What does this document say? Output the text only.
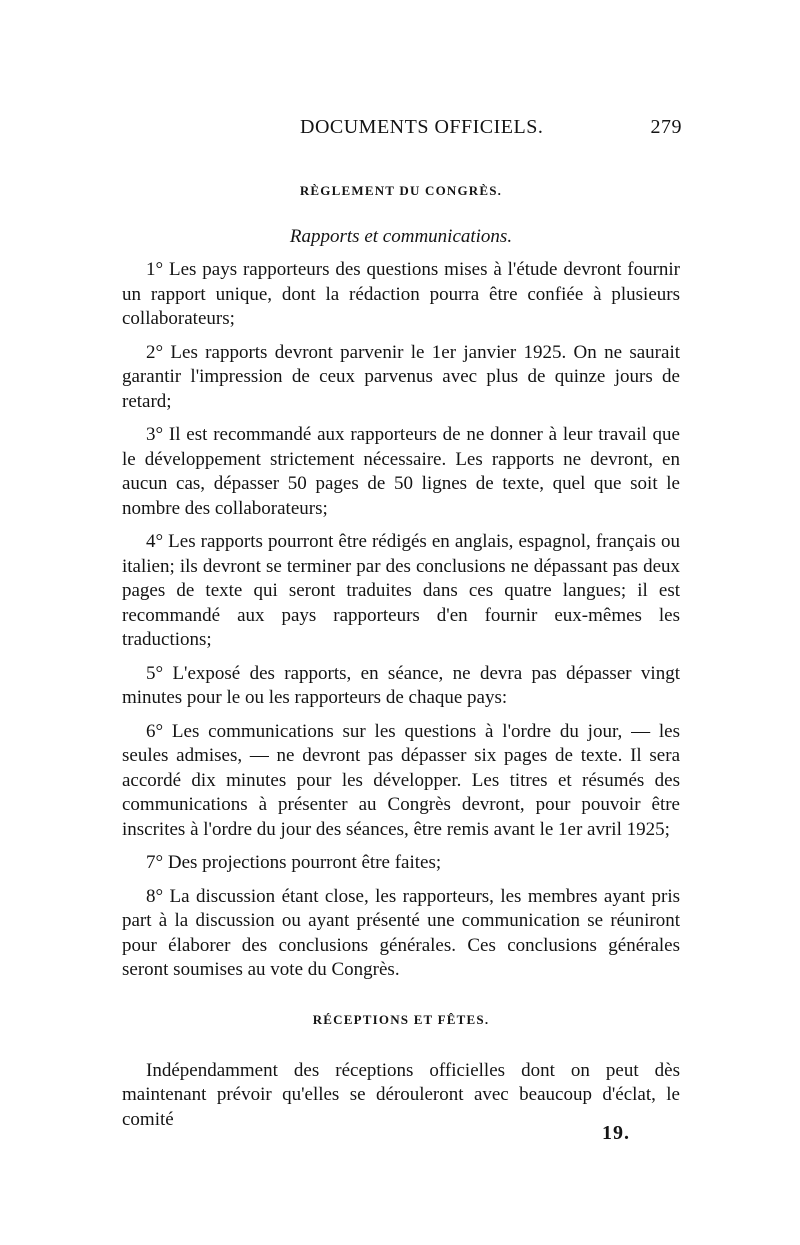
DOCUMENTS OFFICIELS.	279

RÈGLEMENT DU CONGRÈS.

Rapports et communications.

1° Les pays rapporteurs des questions mises à l'étude devront fournir un rapport unique, dont la rédaction pourra être confiée à plusieurs collaborateurs;

2° Les rapports devront parvenir le 1er janvier 1925. On ne saurait garantir l'impression de ceux parvenus avec plus de quinze jours de retard;

3° Il est recommandé aux rapporteurs de ne donner à leur travail que le développement strictement nécessaire. Les rapports ne devront, en aucun cas, dépasser 50 pages de 50 lignes de texte, quel que soit le nombre des collaborateurs;

4° Les rapports pourront être rédigés en anglais, espagnol, français ou italien; ils devront se terminer par des conclusions ne dépassant pas deux pages de texte qui seront traduites dans ces quatre langues; il est recommandé aux pays rapporteurs d'en fournir eux-mêmes les traductions;

5° L'exposé des rapports, en séance, ne devra pas dépasser vingt minutes pour le ou les rapporteurs de chaque pays:

6° Les communications sur les questions à l'ordre du jour, — les seules admises, — ne devront pas dépasser six pages de texte. Il sera accordé dix minutes pour les développer. Les titres et résumés des communications à présenter au Congrès devront, pour pouvoir être inscrites à l'ordre du jour des séances, être remis avant le 1er avril 1925;

7° Des projections pourront être faites;

8° La discussion étant close, les rapporteurs, les membres ayant pris part à la discussion ou ayant présenté une communication se réuniront pour élaborer des conclusions générales. Ces conclusions générales seront soumises au vote du Congrès.

RÉCEPTIONS ET FÊTES.

Indépendamment des réceptions officielles dont on peut dès maintenant prévoir qu'elles se dérouleront avec beaucoup d'éclat, le comité

19.
